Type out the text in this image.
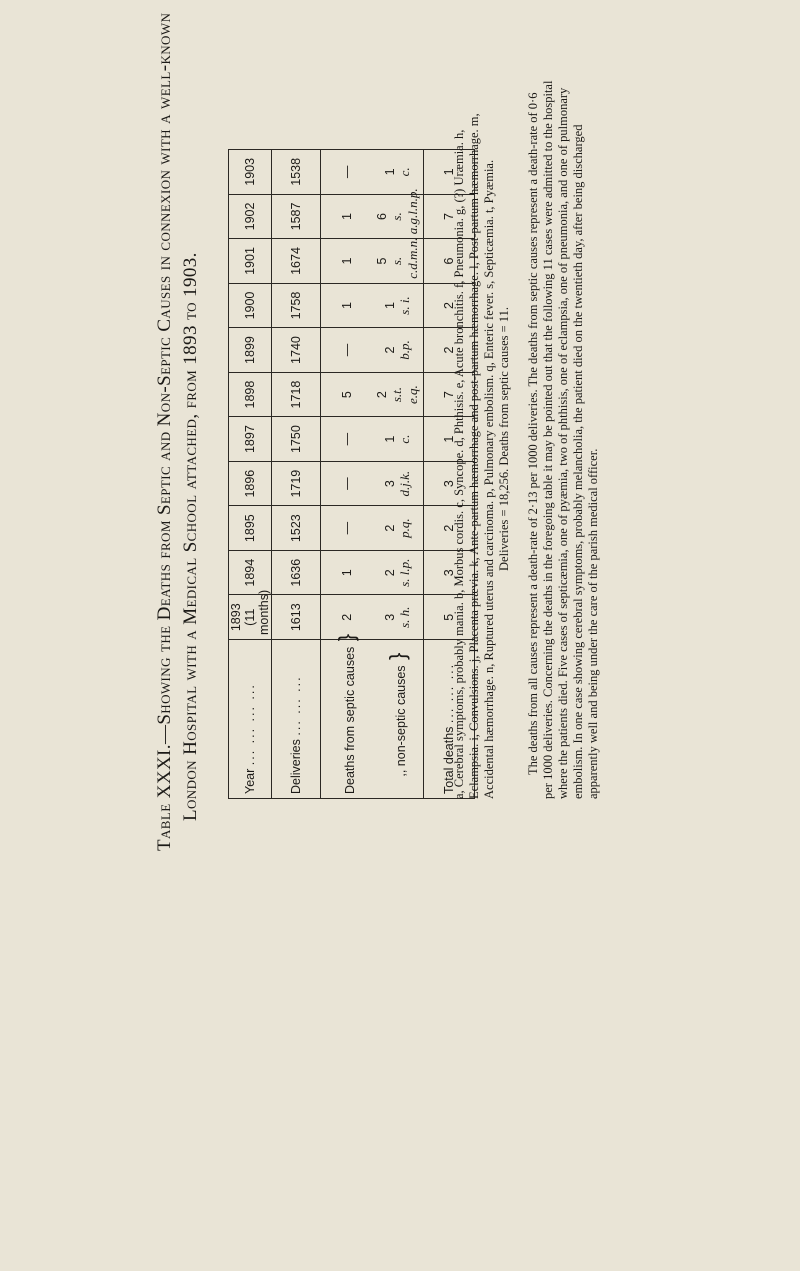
Table XXXI.—Showing the Deaths from Septic and Non-Septic Causes in connexion with a well-known London Hospital with a Medical School attached, from 1893 to 1903.	Year ... ... ... ...	1893 (11 months)	1894	1895	1896	1897	1898	1899	1900	1901	1902	1903
Deliveries ... ... ...	1613	1636	1523	1719	1750	1718	1740	1758	1674	1587	1538
Deaths from septic causes }	2	1	—	—	—	5	—	1	1	1	—
,, non-septic causes }	3 s. h.	2 s. l.p.	2 p.q.	3 d.j.k.	1 c.	2 s.t. e.q.	2 b.p.	1 s. i.	5 s. c.d.m.n.	6 s. a.g.l.n.p.	1 c.

Total deaths ... ... ...	5	3	2	3	1	7	2	2	6	7	1

a, Cerebral symptoms, probably mania. b, Morbus cordis. c, Syncope. d, Phthisis. e, Acute bronchitis. f, Pneumonia. g, (?) Uræmia. h, Eclampsia. i, Convulsions. j, Placenta prævia. k, Ante-partum hæmorrhage and post-partum hæmorrhage. l, Post-partum hæmorrhage. m, Accidental hæmorrhage. n, Ruptured uterus and carcinoma. p, Pulmonary embolism. q, Enteric fever. s, Septicæmia. t, Pyæmia. Deliveries = 18,256. Deaths from septic causes = 11. The deaths from all causes represent a death-rate of 2·13 per 1000 deliveries. The deaths from septic causes represent a death-rate of 0·6 per 1000 deliveries. Concerning the deaths in the foregoing table it may be pointed out that the following 11 cases were admitted to the hospital where the patients died. Five cases of septicæmia, one of pyæmia, two of phthisis, one of eclampsia, one of pneumonia, and one of pulmonary embolism. In one case showing cerebral symptoms, probably melancholia, the patient died on the twentieth day, after being discharged apparently well and being under the care of the parish medical officer.
